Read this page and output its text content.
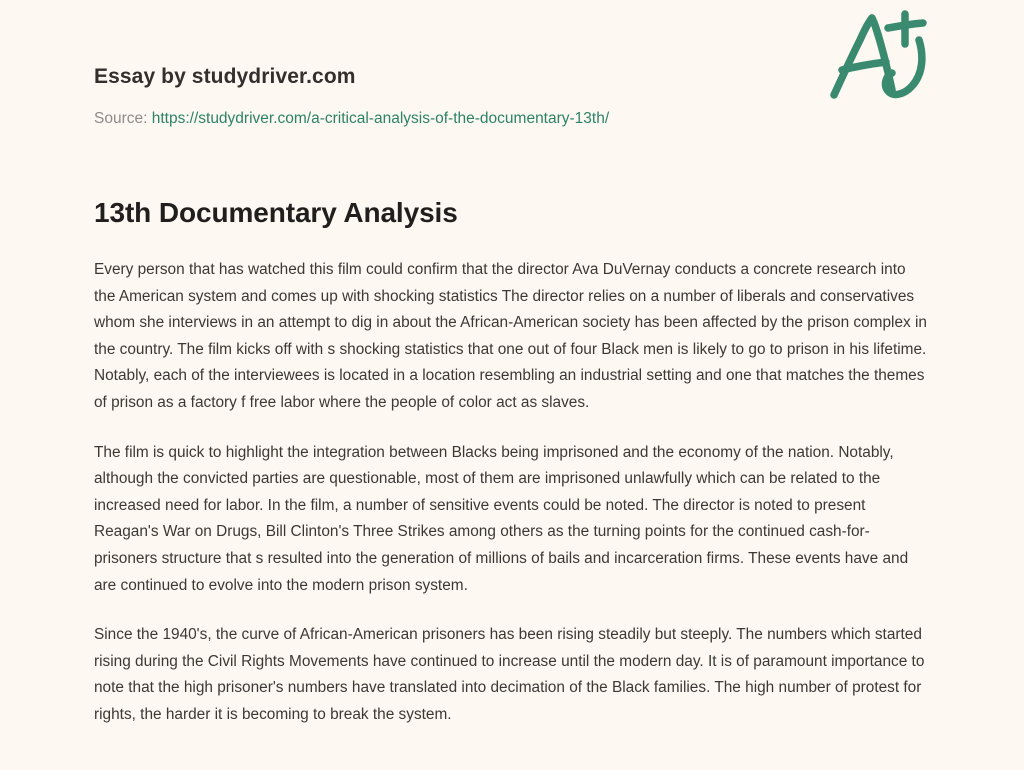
Essay by studydriver.com
Source: https://studydriver.com/a-critical-analysis-of-the-documentary-13th/
13th Documentary Analysis

Every person that has watched this film could confirm that the director Ava DuVernay conducts a concrete research into the American system and comes up with shocking statistics The director relies on a number of liberals and conservatives whom she interviews in an attempt to dig in about the African-American society has been affected by the prison complex in the country. The film kicks off with s shocking statistics that one out of four Black men is likely to go to prison in his lifetime. Notably, each of the interviewees is located in a location resembling an industrial setting and one that matches the themes of prison as a factory f free labor where the people of color act as slaves.

The film is quick to highlight the integration between Blacks being imprisoned and the economy of the nation. Notably, although the convicted parties are questionable, most of them are imprisoned unlawfully which can be related to the increased need for labor. In the film, a number of sensitive events could be noted. The director is noted to present Reagan's War on Drugs, Bill Clinton's Three Strikes among others as the turning points for the continued cash-for-prisoners structure that s resulted into the generation of millions of bails and incarceration firms. These events have and are continued to evolve into the modern prison system.

Since the 1940's, the curve of African-American prisoners has been rising steadily but steeply. The numbers which started rising during the Civil Rights Movements have continued to increase until the modern day. It is of paramount importance to note that the high prisoner's numbers have translated into decimation of the Black families. The high number of protest for rights, the harder it is becoming to break the system.
